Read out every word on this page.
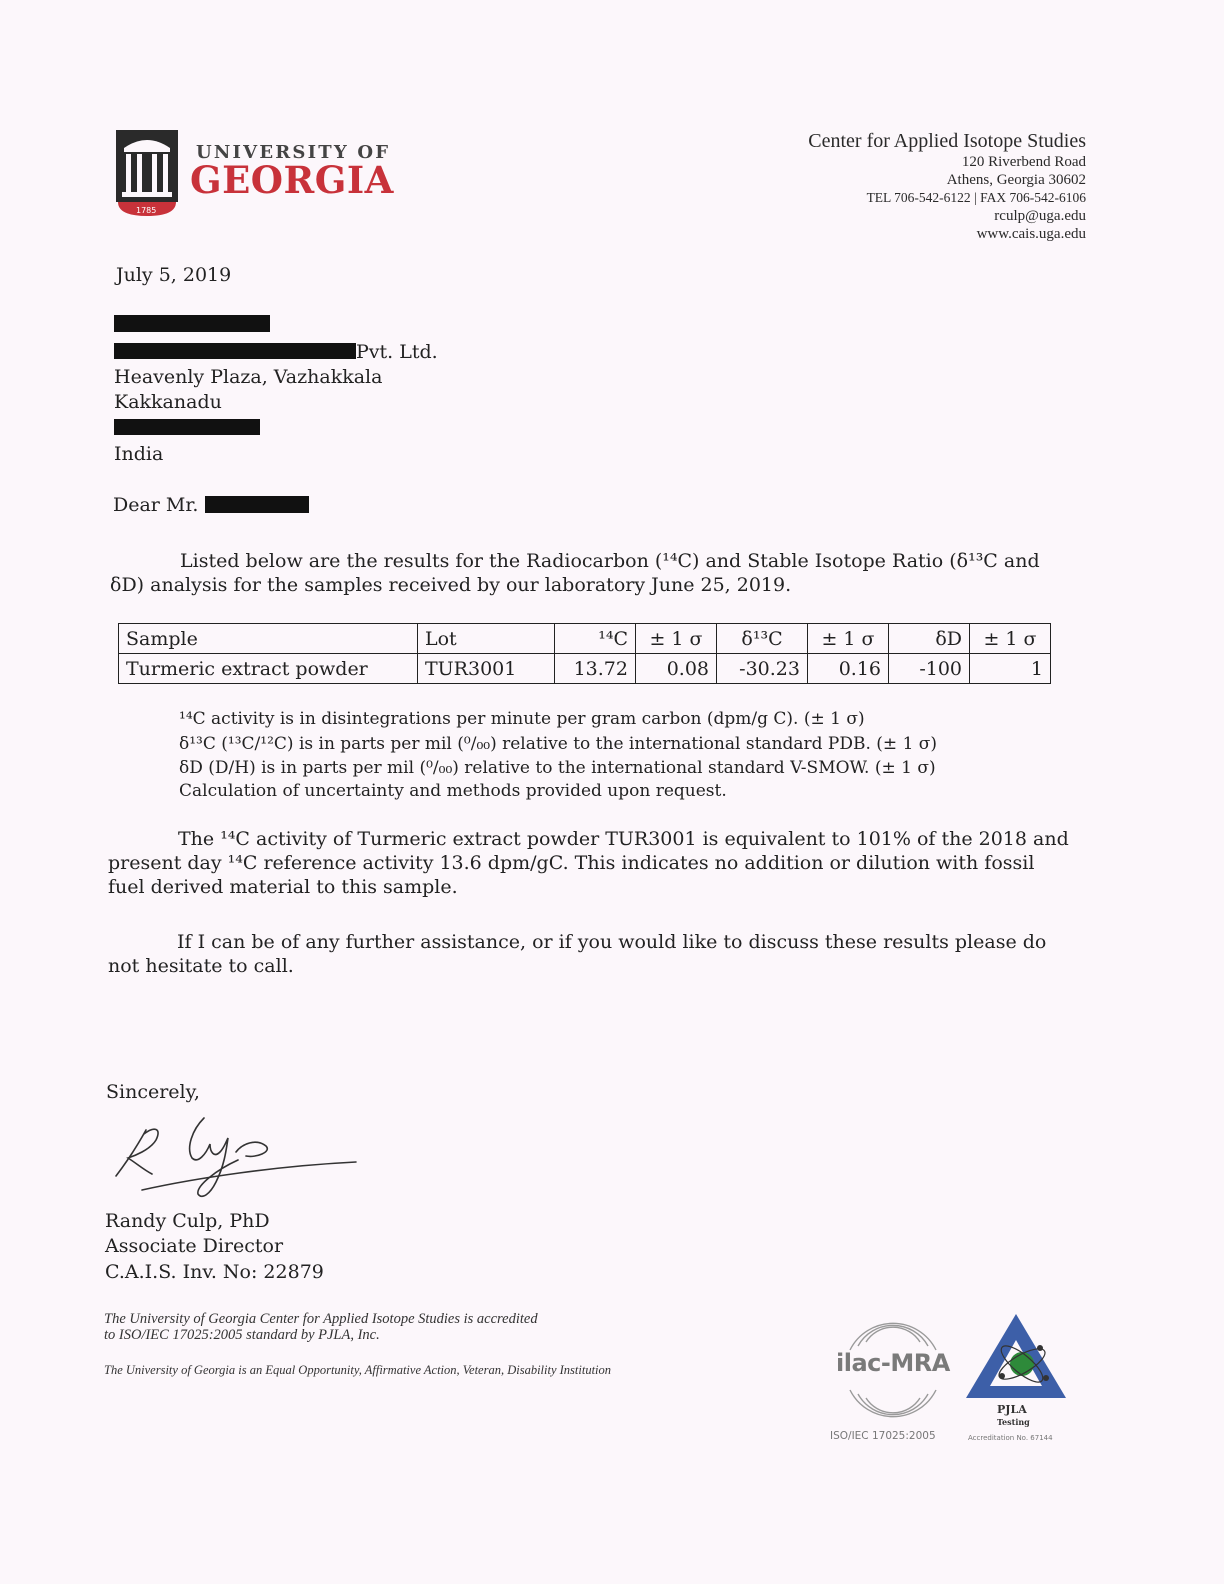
1785
UNIVERSITY OF
GEORGIA
Center for Applied Isotope Studies
120 Riverbend Road
Athens, Georgia 30602
TEL 706-542-6122 | FAX 706-542-6106
rculp@uga.edu
www.cais.uga.edu
July 5, 2019
Pvt. Ltd.
Heavenly Plaza, Vazhakkala
Kakkanadu
India
Dear Mr.
Listed below are the results for the Radiocarbon (¹⁴C) and Stable Isotope Ratio (δ¹³C and
δD) analysis for the samples received by our laboratory June 25, 2019.
Sample	Lot	¹⁴C	± 1 σ	δ¹³C	± 1 σ	δD	± 1 σ
Turmeric extract powder	TUR3001	13.72	0.08	-30.23	0.16	-100	1
¹⁴C activity is in disintegrations per minute per gram carbon (dpm/g C). (± 1 σ)
δ¹³C (¹³C/¹²C) is in parts per mil (⁰/₀₀) relative to the international standard PDB. (± 1 σ)
δD (D/H) is in parts per mil (⁰/₀₀) relative to the international standard V-SMOW. (± 1 σ)
Calculation of uncertainty and methods provided upon request.
The ¹⁴C activity of Turmeric extract powder TUR3001 is equivalent to 101% of the 2018 and
present day ¹⁴C reference activity 13.6 dpm/gC. This indicates no addition or dilution with fossil
fuel derived material to this sample.
If I can be of any further assistance, or if you would like to discuss these results please do
not hesitate to call.
Sincerely,
Randy Culp, PhD
Associate Director
C.A.I.S. Inv. No: 22879
The University of Georgia Center for Applied Isotope Studies is accredited
to ISO/IEC 17025:2005 standard by PJLA, Inc.
The University of Georgia is an Equal Opportunity, Affirmative Action, Veteran, Disability Institution	ilac-MRA
ISO/IEC 17025:2005
PJLA
Testing
Accreditation No. 67144
